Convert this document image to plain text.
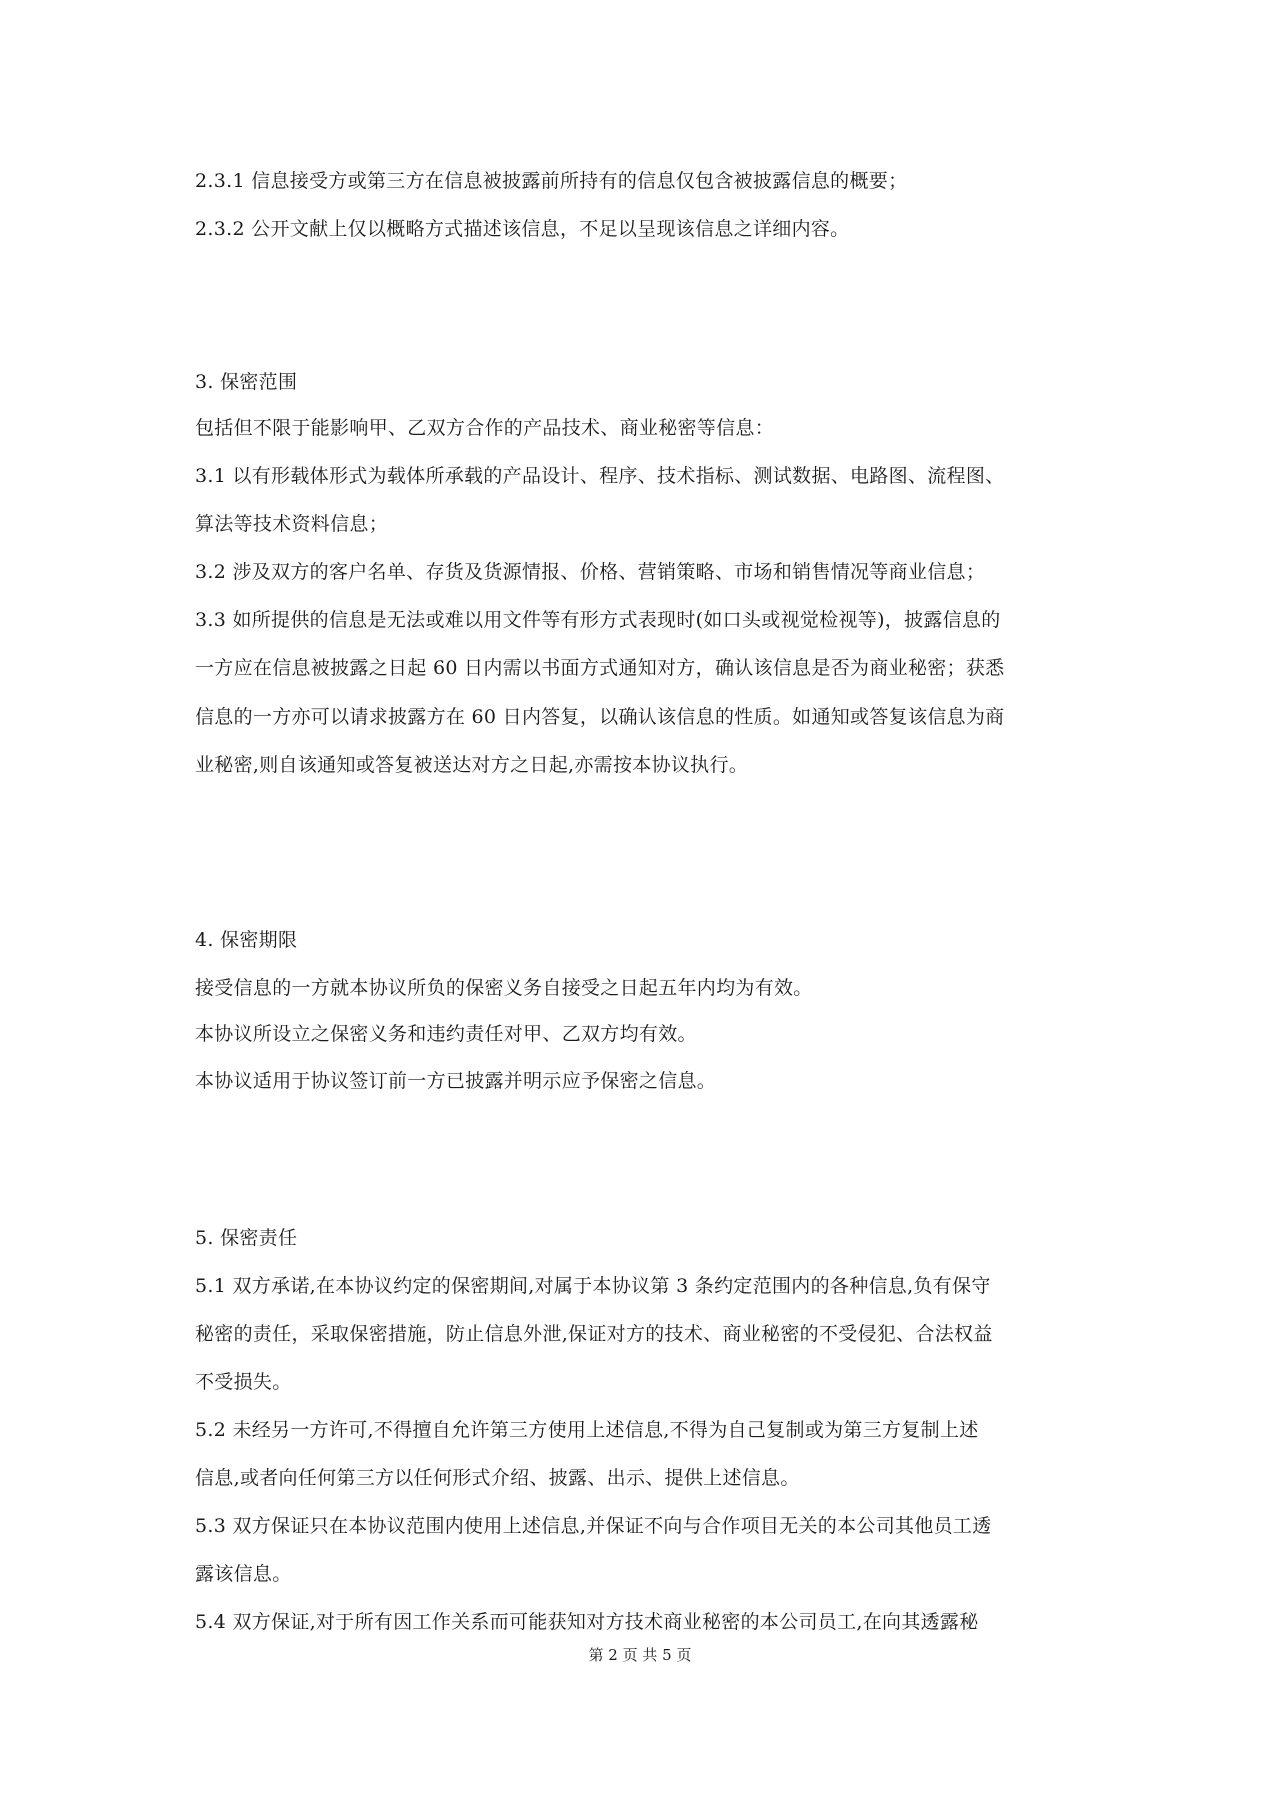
2.3.1 信息接受方或第三方在信息被披露前所持有的信息仅包含被披露信息的概要；
2.3.2 公开文献上仅以概略方式描述该信息，不足以呈现该信息之详细内容。
3. 保密范围
包括但不限于能影响甲、乙双方合作的产品技术、商业秘密等信息：
3.1 以有形载体形式为载体所承载的产品设计、程序、技术指标、测试数据、电路图、流程图、
算法等技术资料信息；
3.2 涉及双方的客户名单、存货及货源情报、价格、营销策略、市场和销售情况等商业信息；
3.3 如所提供的信息是无法或难以用文件等有形方式表现时(如口头或视觉检视等)，披露信息的
一方应在信息被披露之日起 60 日内需以书面方式通知对方，确认该信息是否为商业秘密；获悉
信息的一方亦可以请求披露方在 60 日内答复，以确认该信息的性质。如通知或答复该信息为商
业秘密,则自该通知或答复被送达对方之日起,亦需按本协议执行。
4. 保密期限
接受信息的一方就本协议所负的保密义务自接受之日起五年内均为有效。
本协议所设立之保密义务和违约责任对甲、乙双方均有效。
本协议适用于协议签订前一方已披露并明示应予保密之信息。
5. 保密责任
5.1 双方承诺,在本协议约定的保密期间,对属于本协议第 3 条约定范围内的各种信息,负有保守
秘密的责任，采取保密措施，防止信息外泄,保证对方的技术、商业秘密的不受侵犯、合法权益
不受损失。
5.2 未经另一方许可,不得擅自允许第三方使用上述信息,不得为自己复制或为第三方复制上述
信息,或者向任何第三方以任何形式介绍、披露、出示、提供上述信息。
5.3 双方保证只在本协议范围内使用上述信息,并保证不向与合作项目无关的本公司其他员工透
露该信息。
5.4 双方保证,对于所有因工作关系而可能获知对方技术商业秘密的本公司员工,在向其透露秘
第 2 页 共 5 页
